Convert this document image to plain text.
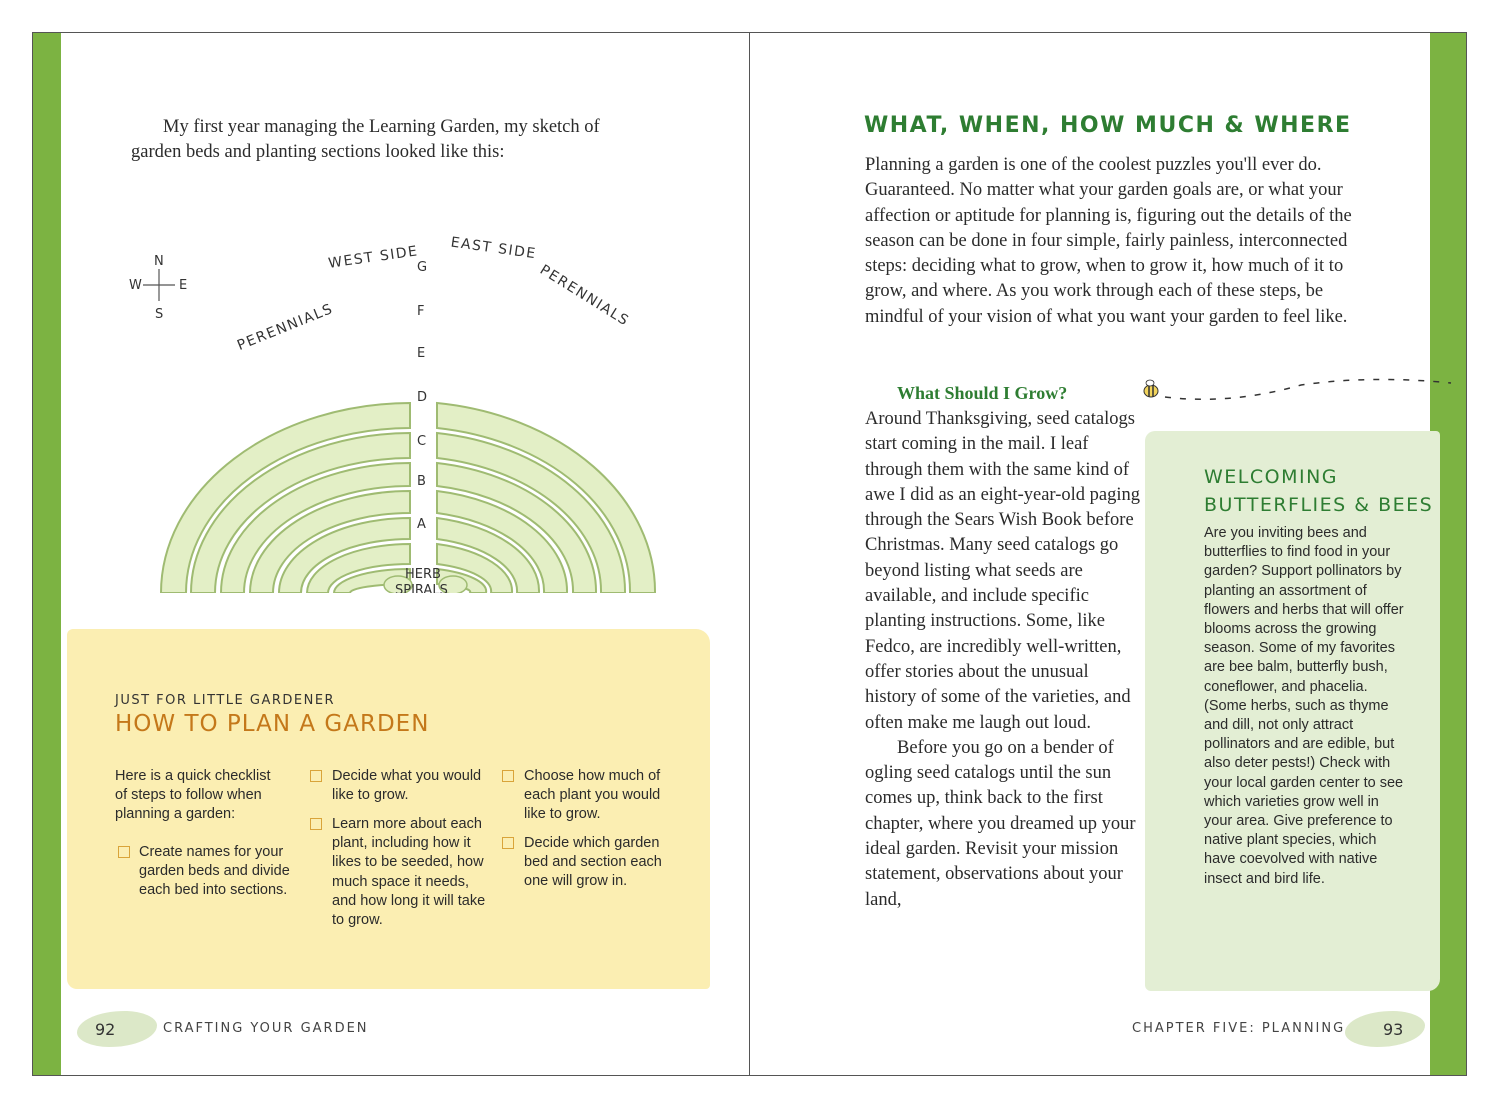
My first year managing the Learning Garden, my sketch of garden beds and planting sections looked like this:

N
S
E
W
WEST SIDE EAST SIDE
PERENNIALS	PERENNIALS
A
B
C
D
E
F
G
HERB
SPIRALS
JUST FOR LITTLE GARDENER
HOW TO PLAN A GARDEN

Here is a quick checklist of steps to follow when planning a garden:

Create names for your garden beds and divide each bed into sections.

Decide what you would like to grow.

Learn more about each plant, including how it likes to be seeded, how much space it needs, and how long it will take to grow.

Choose how much of each plant you would like to grow.

Decide which garden bed and section each one will grow in.

92	CRAFTING YOUR GARDEN
WHAT, WHEN, HOW MUCH & WHERE

Planning a garden is one of the coolest puzzles you'll ever do. Guaranteed. No matter what your garden goals are, or what your affection or aptitude for planning is, figuring out the details of the season can be done in four simple, fairly painless, interconnected steps: deciding what to grow, when to grow it, how much of it to grow, and where. As you work through each of these steps, be mindful of your vision of what you want your garden to feel like.

What Should I Grow?

Around Thanksgiving, seed catalogs start coming in the mail. I leaf through them with the same kind of awe I did as an eight-year-old paging through the Sears Wish Book before Christmas. Many seed catalogs go beyond listing what seeds are available, and include specific planting instructions. Some, like Fedco, are incredibly well-written, offer stories about the unusual history of some of the varieties, and often make me laugh out loud.

Before you go on a bender of ogling seed catalogs until the sun comes up, think back to the first chapter, where you dreamed up your ideal garden. Revisit your mission statement, observations about your land,

WELCOMING
BUTTERFLIES & BEES

Are you inviting bees and butterflies to find food in your garden? Support pollinators by planting an assortment of flowers and herbs that will offer blooms across the growing season. Some of my favorites are bee balm, butterfly bush, coneflower, and phacelia. (Some herbs, such as thyme and dill, not only attract pollinators and are edible, but also deter pests!) Check with your local garden center to see which varieties grow well in your area. Give preference to native plant species, which have coevolved with native insect and bird life.

CHAPTER FIVE: PLANNING 93
